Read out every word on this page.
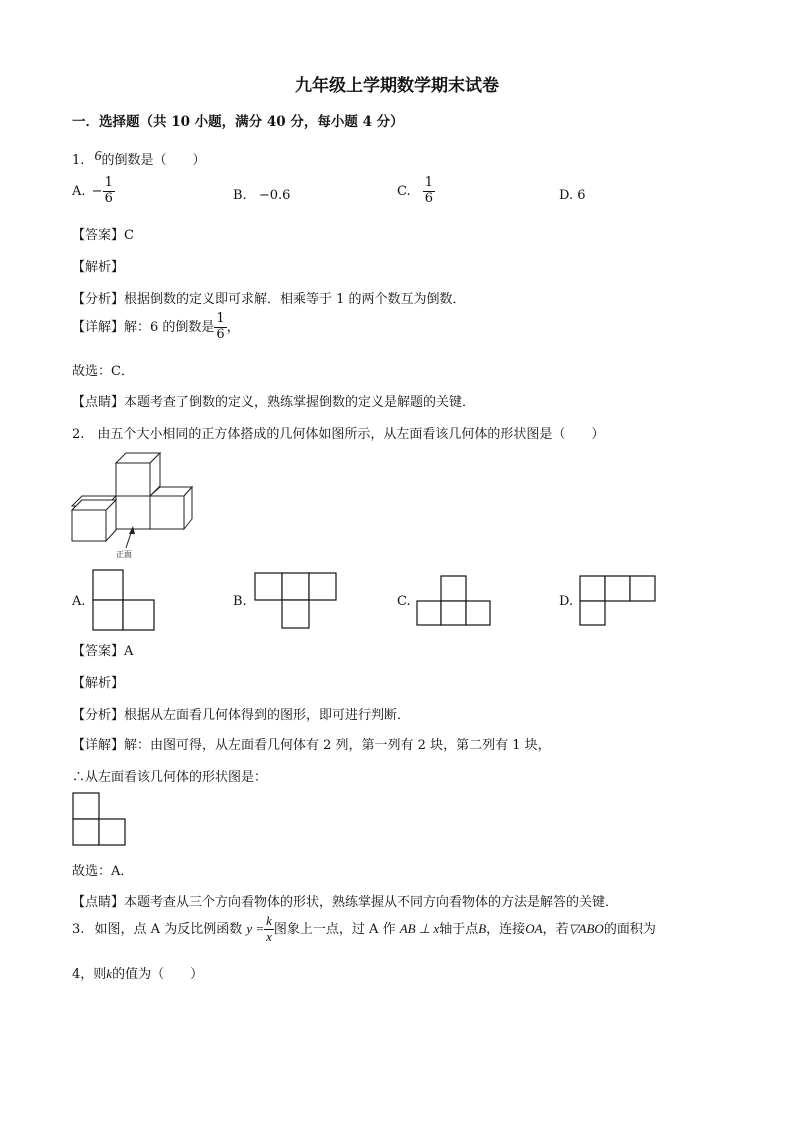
九年级上学期数学期末试卷
一．选择题（共 10 小题，满分 40 分，每小题 4 分）
1. 6的倒数是（　　）
A. − $\frac{1}{6}$	B. −0.6	C. $\frac{1}{6}$	D. 6
【答案】C
【解析】
【分析】根据倒数的定义即可求解．相乘等于 1 的两个数互为倒数．
【详解】解：6 的倒数是 $\frac{1}{6}$ ，
故选：C．
【点睛】本题考查了倒数的定义，熟练掌握倒数的定义是解题的关键．
2.　由五个大小相同的正方体搭成的几何体如图所示，从左面看该几何体的形状图是（　　）
正面
A.	B.	C.	D.
【答案】A
【解析】
【分析】根据从左面看几何体得到的图形，即可进行判断．
【详解】解：由图可得，从左面看几何体有 2 列，第一列有 2 块，第二列有 1 块，
∴从左面看该几何体的形状图是：
故选：A．
【点睛】本题考查从三个方向看物体的形状，熟练掌握从不同方向看物体的方法是解答的关键．
3. 如图，点 A 为反比例函数 $y = \frac{k}{x}$ 图象上一点，过 A 作 AB ⊥ x轴于点B，连接OA，若▽ABO的面积为
4，则k的值为（　　）
